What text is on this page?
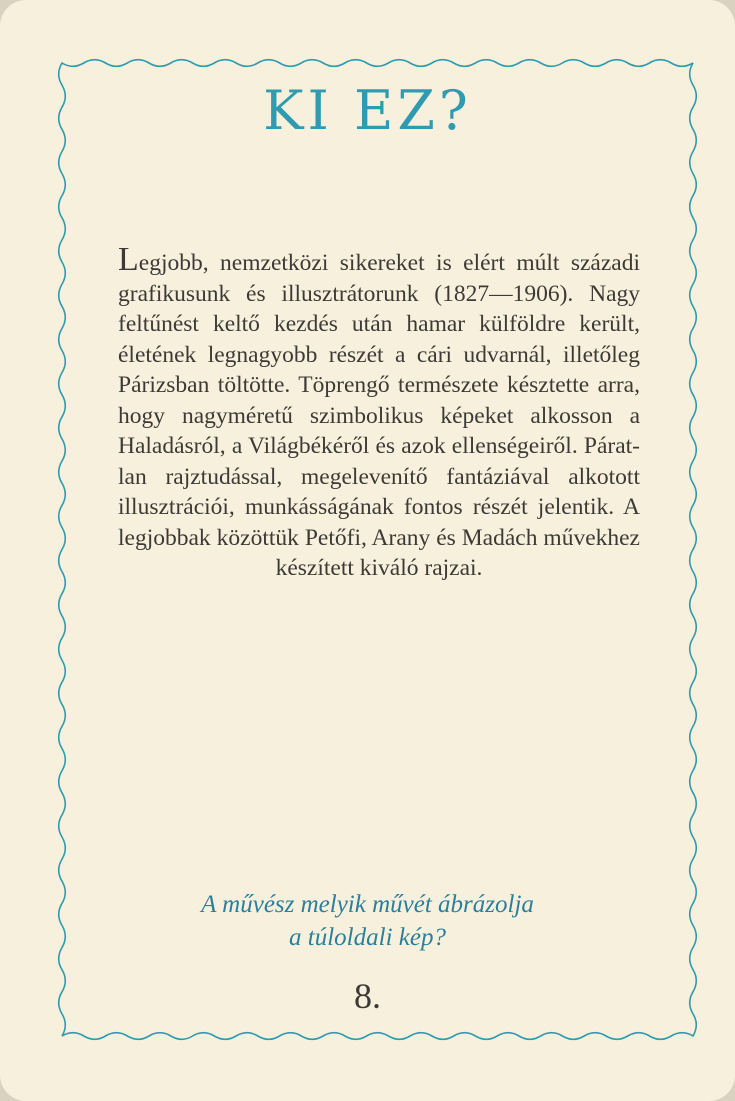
KI EZ?

Legjobb, nemzetközi sikereket is elért múlt századi grafikusunk és illusztrátorunk (1827—1906). Nagy feltűnést keltő kezdés után hamar külföldre került, életének legnagyobb részét a cári udvarnál, illetőleg Párizsban töltötte. Töprengő természete késztette arra, hogy nagyméretű szimbolikus képeket alkosson a Haladásról, a Világbékéről és azok ellenségeiről. Páratlan rajztudással, megelevenítő fantáziával alkotott illusztrációi, munkásságának fontos részét jelentik. A legjobbak közöttük Petőfi, Arany és Madách művekhez készített kiváló rajzai.

A művész melyik művét ábrázolja
a túloldali kép?
8.
